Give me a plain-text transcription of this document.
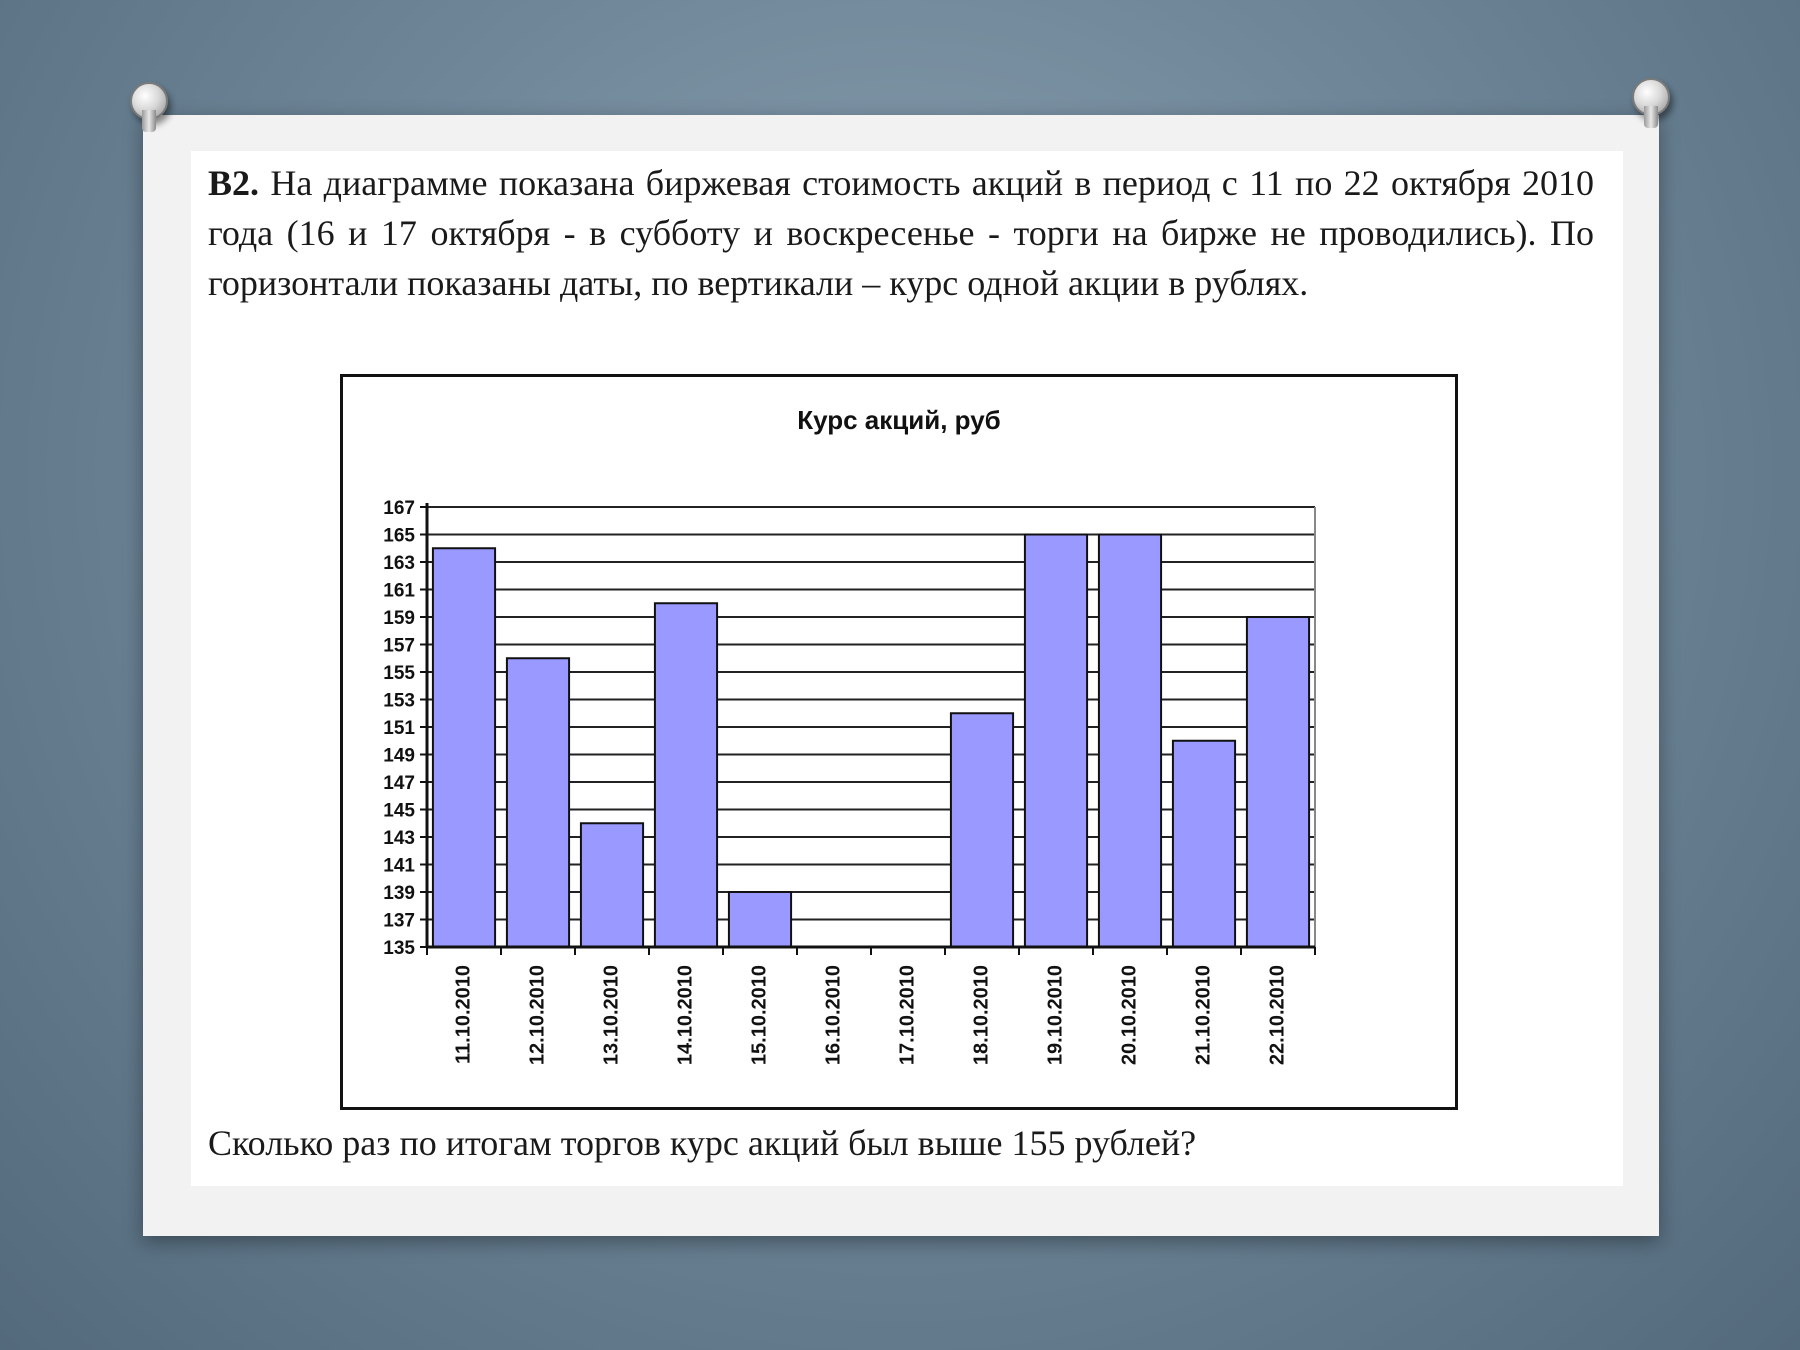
В2. На диаграмме показана биржевая стоимость акций в период с 11 по 22 октября 2010 года (16 и 17 октября - в субботу и воскресенье - торги на бирже не проводились). По горизонтали показаны даты, по вертикали – курс одной акции в рублях.
Курс акций, руб
135
137
139
141
143
145
147
149
151
153
155
157
159
161
163
165
167
11.10.2010	12.10.2010	13.10.2010	14.10.2010	15.10.2010	16.10.2010	17.10.2010	18.10.2010	19.10.2010	20.10.2010	21.10.2010	22.10.2010
Сколько раз по итогам торгов курс акций был выше 155 рублей?
